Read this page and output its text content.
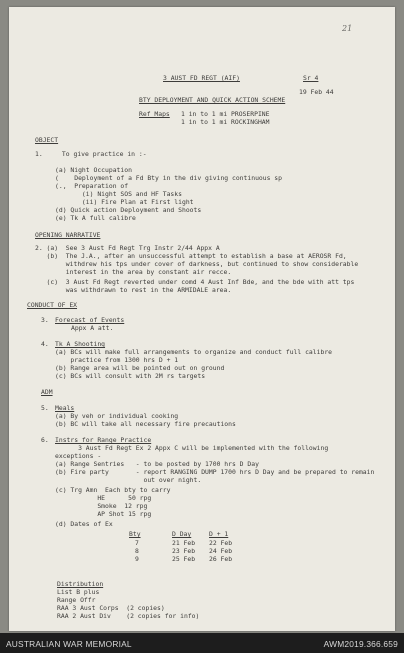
21
3 AUST FD REGT (AIF)	Sr 4
19 Feb 44
BTY DEPLOYMENT AND QUICK ACTION SCHEME
Ref Maps 1 in to 1 mi PROSERPINE
1 in to 1 mi ROCKINGHAM
OBJECT
1.     To give practice in :-
(a) Night Occupation
(    Deployment of a Fd Bty in the div giving continuous sp
(.,  Preparation of
(i) Night SOS and HF Tasks
(ii) Fire Plan at First light
(d) Quick action Deployment and Shoots
(e) Tk A full calibre
OPENING NARRATIVE
2. (a)  See 3 Aust Fd Regt Trg Instr 2/44 Appx A
(b)  The J.A., after an unsuccessful attempt to establish a base at AEROSR Fd,
withdrew his tps under cover of darkness, but continued to show considerable
interest in the area by constant air recce.
(c)  3 Aust Fd Regt reverted under comd 4 Aust Inf Bde, and the bde with att tps
was withdrawn to rest in the ARMIDALE area.
CONDUCT OF EX
3. Forecast of Events
Appx A att.
4. Tk A Shooting
(a) BCs will make full arrangements to organize and conduct full calibre
practice from 1300 hrs D + 1
(b) Range area will be pointed out on ground
(c) BCs will consult with 2M rs targets
ADM
5. Meals
(a) By veh or individual cooking
(b) BC will take all necessary fire precautions
6. Instrs for Range Practice
3 Aust Fd Regt Ex 2 Appx C will be implemented with the following
exceptions -
(a) Range Sentries   - to be posted by 1700 hrs D Day
(b) Fire party       - report RANGING DUMP 1700 hrs D Day and be prepared to remain
out over night.
(c) Trg Amn  Each bty to carry
HE      50 rpg
Smoke  12 rpg
AP Shot 15 rpg
(d) Dates of Ex
Bty	D Day	D + 1
7	21 Feb 22 Feb
8	23 Feb 24 Feb
9	25 Feb 26 Feb
Distribution
List B plus
Range Offr
RAA 3 Aust Corps  (2 copies)
RAA 2 Aust Div    (2 copies for info)
AUSTRALIAN WAR MEMORIAL	AWM2019.366.659
